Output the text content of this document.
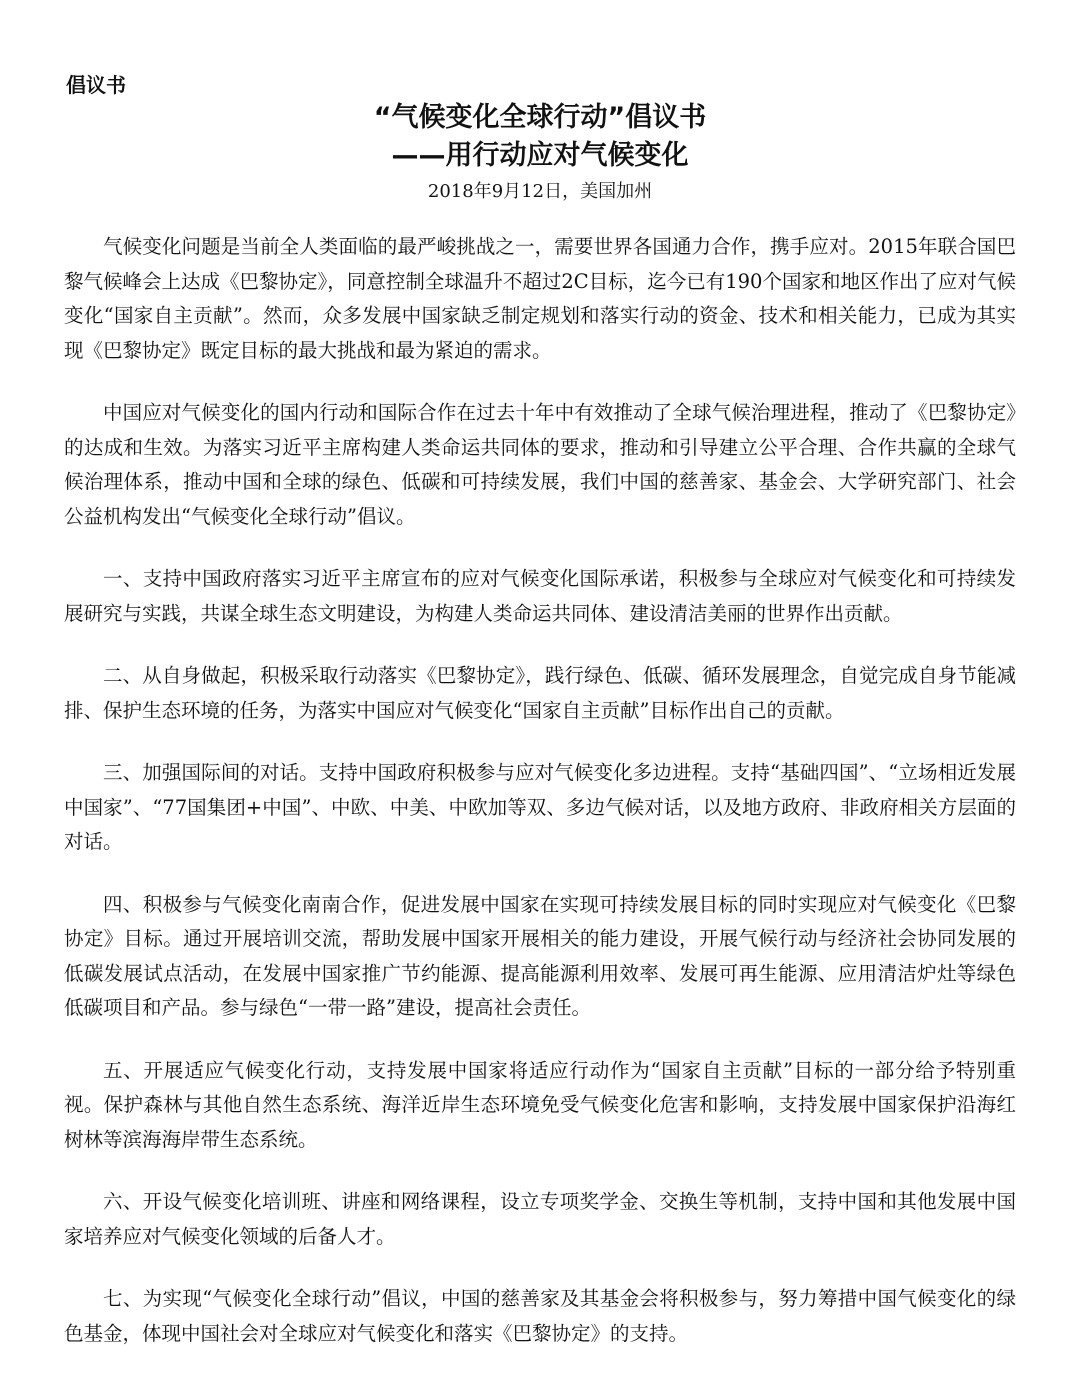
倡议书
“气候变化全球行动”倡议书
——用行动应对气候变化
2018年9月12日，美国加州

气候变化问题是当前全人类面临的最严峻挑战之一，需要世界各国通力合作，携手应对。2015年联合国巴黎气候峰会上达成《巴黎协定》，同意控制全球温升不超过2C目标，迄今已有190个国家和地区作出了应对气候变化“国家自主贡献”。然而，众多发展中国家缺乏制定规划和落实行动的资金、技术和相关能力，已成为其实现《巴黎协定》既定目标的最大挑战和最为紧迫的需求。

中国应对气候变化的国内行动和国际合作在过去十年中有效推动了全球气候治理进程，推动了《巴黎协定》的达成和生效。为落实习近平主席构建人类命运共同体的要求，推动和引导建立公平合理、合作共赢的全球气候治理体系，推动中国和全球的绿色、低碳和可持续发展，我们中国的慈善家、基金会、大学研究部门、社会公益机构发出“气候变化全球行动”倡议。

一、支持中国政府落实习近平主席宣布的应对气候变化国际承诺，积极参与全球应对气候变化和可持续发展研究与实践，共谋全球生态文明建设，为构建人类命运共同体、建设清洁美丽的世界作出贡献。

二、从自身做起，积极采取行动落实《巴黎协定》，践行绿色、低碳、循环发展理念，自觉完成自身节能减排、保护生态环境的任务，为落实中国应对气候变化“国家自主贡献”目标作出自己的贡献。

三、加强国际间的对话。支持中国政府积极参与应对气候变化多边进程。支持“基础四国”、“立场相近发展中国家”、“77国集团+中国”、中欧、中美、中欧加等双、多边气候对话，以及地方政府、非政府相关方层面的对话。

四、积极参与气候变化南南合作，促进发展中国家在实现可持续发展目标的同时实现应对气候变化《巴黎协定》目标。通过开展培训交流，帮助发展中国家开展相关的能力建设，开展气候行动与经济社会协同发展的低碳发展试点活动，在发展中国家推广节约能源、提高能源利用效率、发展可再生能源、应用清洁炉灶等绿色低碳项目和产品。参与绿色“一带一路”建设，提高社会责任。

五、开展适应气候变化行动，支持发展中国家将适应行动作为“国家自主贡献”目标的一部分给予特别重视。保护森林与其他自然生态系统、海洋近岸生态环境免受气候变化危害和影响，支持发展中国家保护沿海红树林等滨海海岸带生态系统。

六、开设气候变化培训班、讲座和网络课程，设立专项奖学金、交换生等机制，支持中国和其他发展中国家培养应对气候变化领域的后备人才。

七、为实现“气候变化全球行动”倡议，中国的慈善家及其基金会将积极参与，努力筹措中国气候变化的绿色基金，体现中国社会对全球应对气候变化和落实《巴黎协定》的支持。
